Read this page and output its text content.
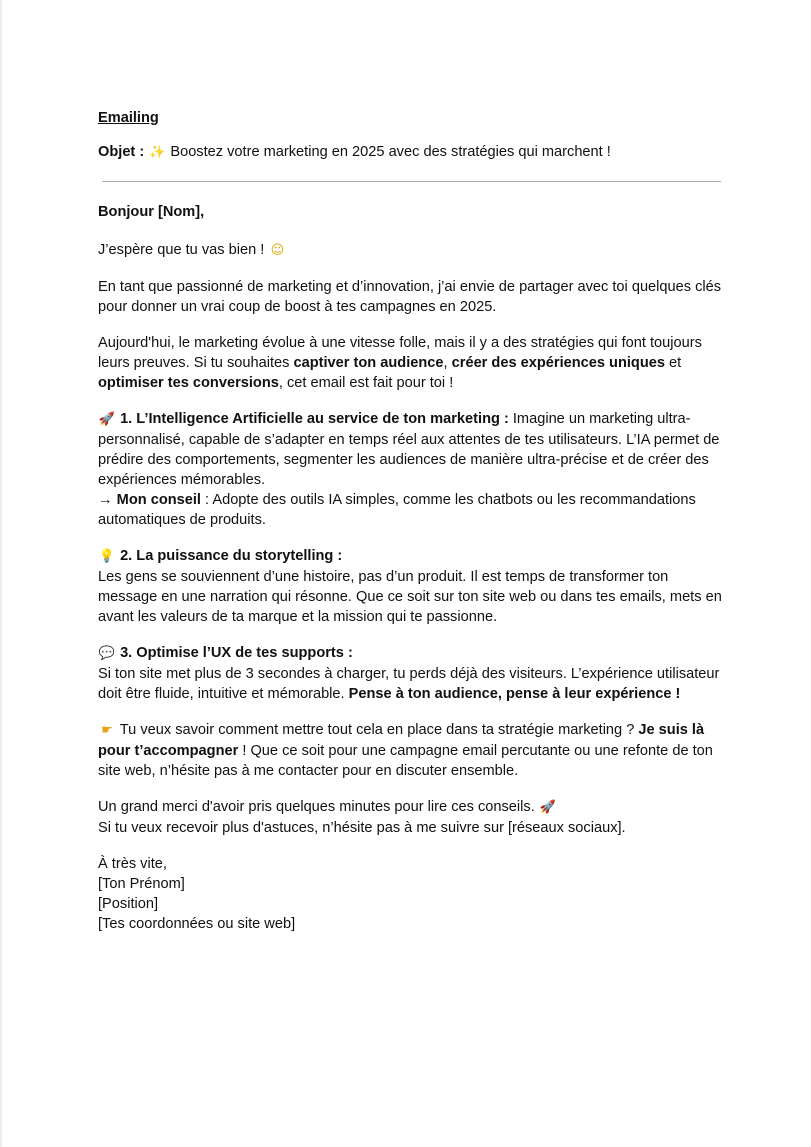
Emailing
Objet : ✨ Boostez votre marketing en 2025 avec des stratégies qui marchent !

Bonjour [Nom],

J’espère que tu vas bien ! ☺

En tant que passionné de marketing et d’innovation, j’ai envie de partager avec toi quelques clés pour donner un vrai coup de boost à tes campagnes en 2025.

Aujourd'hui, le marketing évolue à une vitesse folle, mais il y a des stratégies qui font toujours leurs preuves. Si tu souhaites captiver ton audience, créer des expériences uniques et optimiser tes conversions, cet email est fait pour toi !

🚀 1. L’Intelligence Artificielle au service de ton marketing : Imagine un marketing ultra-personnalisé, capable de s’adapter en temps réel aux attentes de tes utilisateurs. L’IA permet de prédire des comportements, segmenter les audiences de manière ultra-précise et de créer des expériences mémorables.
→ Mon conseil : Adopte des outils IA simples, comme les chatbots ou les recommandations automatiques de produits.

💡 2. La puissance du storytelling :
Les gens se souviennent d’une histoire, pas d’un produit. Il est temps de transformer ton message en une narration qui résonne. Que ce soit sur ton site web ou dans tes emails, mets en avant les valeurs de ta marque et la mission qui te passionne.

💬 3. Optimise l’UX de tes supports :
Si ton site met plus de 3 secondes à charger, tu perds déjà des visiteurs. L’expérience utilisateur doit être fluide, intuitive et mémorable. Pense à ton audience, pense à leur expérience !

☛ Tu veux savoir comment mettre tout cela en place dans ta stratégie marketing ? Je suis là pour t’accompagner ! Que ce soit pour une campagne email percutante ou une refonte de ton site web, n’hésite pas à me contacter pour en discuter ensemble.

Un grand merci d'avoir pris quelques minutes pour lire ces conseils. 🚀
Si tu veux recevoir plus d'astuces, n’hésite pas à me suivre sur [réseaux sociaux].

À très vite,
[Ton Prénom]
[Position]
[Tes coordonnées ou site web]
